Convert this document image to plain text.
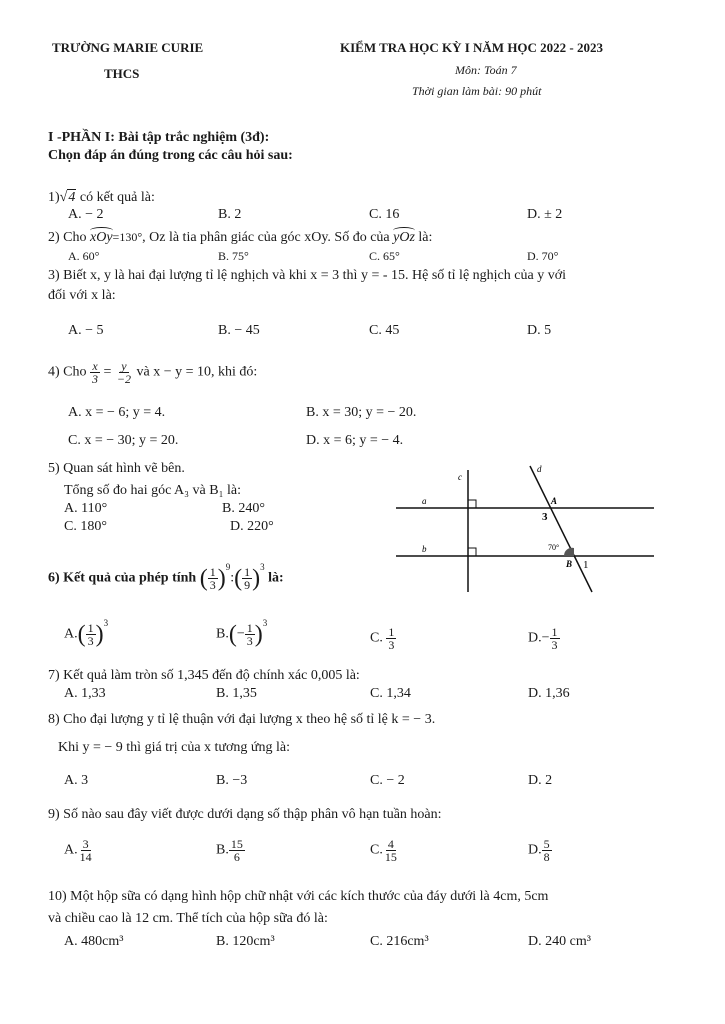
TRƯỜNG MARIE CURIE
THCS
KIỂM TRA HỌC KỲ I NĂM HỌC 2022 - 2023
Môn: Toán 7
Thời gian làm bài: 90 phút
I -PHẦN I: Bài tập trắc nghiệm (3đ):
Chọn đáp án đúng trong các câu hỏi sau:
1)√4 có kết quả là:
A. − 2	B. 2	C. 16	D. ± 2
2) Cho xOy=130°, Oz là tia phân giác của góc xOy. Số đo của yOz là:
A. 60°	B. 75°	C. 65°	D. 70°
3) Biết x, y là hai đại lượng tỉ lệ nghịch và khi x = 3 thì y = - 15. Hệ số tỉ lệ nghịch của y với
đối với x là:
A. − 5	B. − 45	C. 45	D. 5
4) Cho $\frac{x}{3} = \frac{y}{-2}$ và x − y = 10, khi đó:
A. x = − 6; y = 4.	B. x = 30; y = − 20.
C. x = − 30; y = 20.	D. x = 6; y = − 4.
5) Quan sát hình vẽ bên.
Tổng số đo hai góc A₃ và B₁ là:
A. 110°	B. 240°
C. 180°	D. 220°
a
b
c
d
A
3
70°
B 1
6) Kết quả của phép tính ( $\frac{1}{3}$ )$^9$:( $\frac{1}{9} )^3$ là:
$A.( \frac{1}{3} )^3$
$B.(- \frac{1}{3} )^3$
C. $\frac{1}{3}$	$D.- \frac{1}{3}$
7) Kết quả làm tròn số 1,345 đến độ chính xác 0,005 là:
A. 1,33	B. 1,35	C. 1,34	D. 1,36
8) Cho đại lượng y tỉ lệ thuận với đại lượng x theo hệ số tỉ lệ k = − 3.
Khi y = − 9 thì giá trị của x tương ứng là:
A. 3	B. −3	C. − 2	D. 2
9) Số nào sau đây viết được dưới dạng số thập phân vô hạn tuần hoàn:
A. $\frac{3}{14}$	B. $\frac{15}{6}$	C. $\frac{4}{15}$	D. $\frac{5}{8}$
10) Một hộp sữa có dạng hình hộp chữ nhật với các kích thước của đáy dưới là 4cm, 5cm
và chiều cao là 12 cm. Thể tích của hộp sữa đó là:
A. 480cm³	B. 120cm³	C. 216cm³	D. 240 cm³
